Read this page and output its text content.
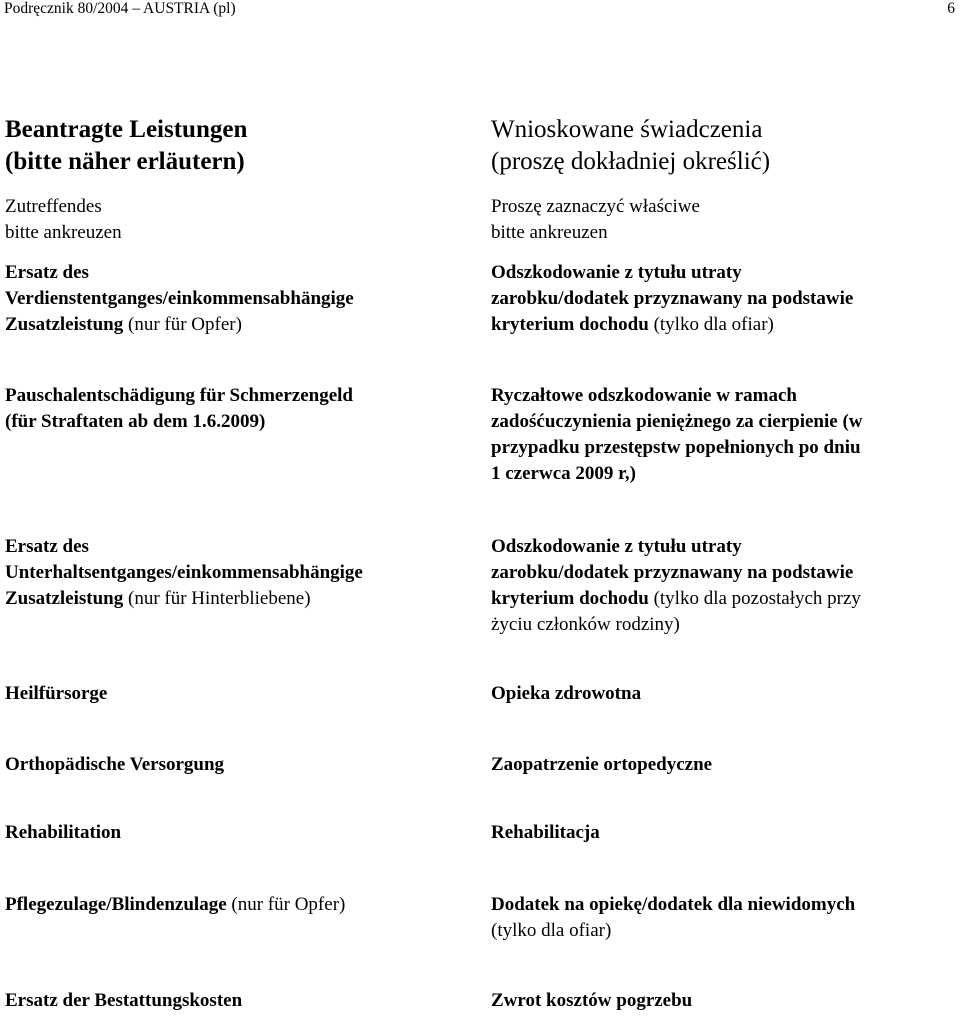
Podręcznik 80/2004 – AUSTRIA (pl)	6
Beantragte Leistungen
(bitte näher erläutern)
Zutreffendes
bitte ankreuzen
Ersatz des
Verdienstentganges/einkommensabhängige
Zusatzleistung (nur für Opfer)
Pauschalentschädigung für Schmerzengeld
(für Straftaten ab dem 1.6.2009)
Ersatz des
Unterhaltsentganges/einkommensabhängige
Zusatzleistung (nur für Hinterbliebene)
Heilfürsorge
Orthopädische Versorgung
Rehabilitation
Pflegezulage/Blindenzulage (nur für Opfer)
Ersatz der Bestattungskosten
Wnioskowane świadczenia
(proszę dokładniej określić)
Proszę zaznaczyć właściwe
bitte ankreuzen
Odszkodowanie z tytułu utraty
zarobku/dodatek przyznawany na podstawie
kryterium dochodu (tylko dla ofiar)
Ryczałtowe odszkodowanie w ramach
zadośćuczynienia pieniężnego za cierpienie (w
przypadku przestępstw popełnionych po dniu
1 czerwca 2009 r,)
Odszkodowanie z tytułu utraty
zarobku/dodatek przyznawany na podstawie
kryterium dochodu (tylko dla pozostałych przy
życiu członków rodziny)
Opieka zdrowotna
Zaopatrzenie ortopedyczne
Rehabilitacja
Dodatek na opiekę/dodatek dla niewidomych
(tylko dla ofiar)
Zwrot kosztów pogrzebu
